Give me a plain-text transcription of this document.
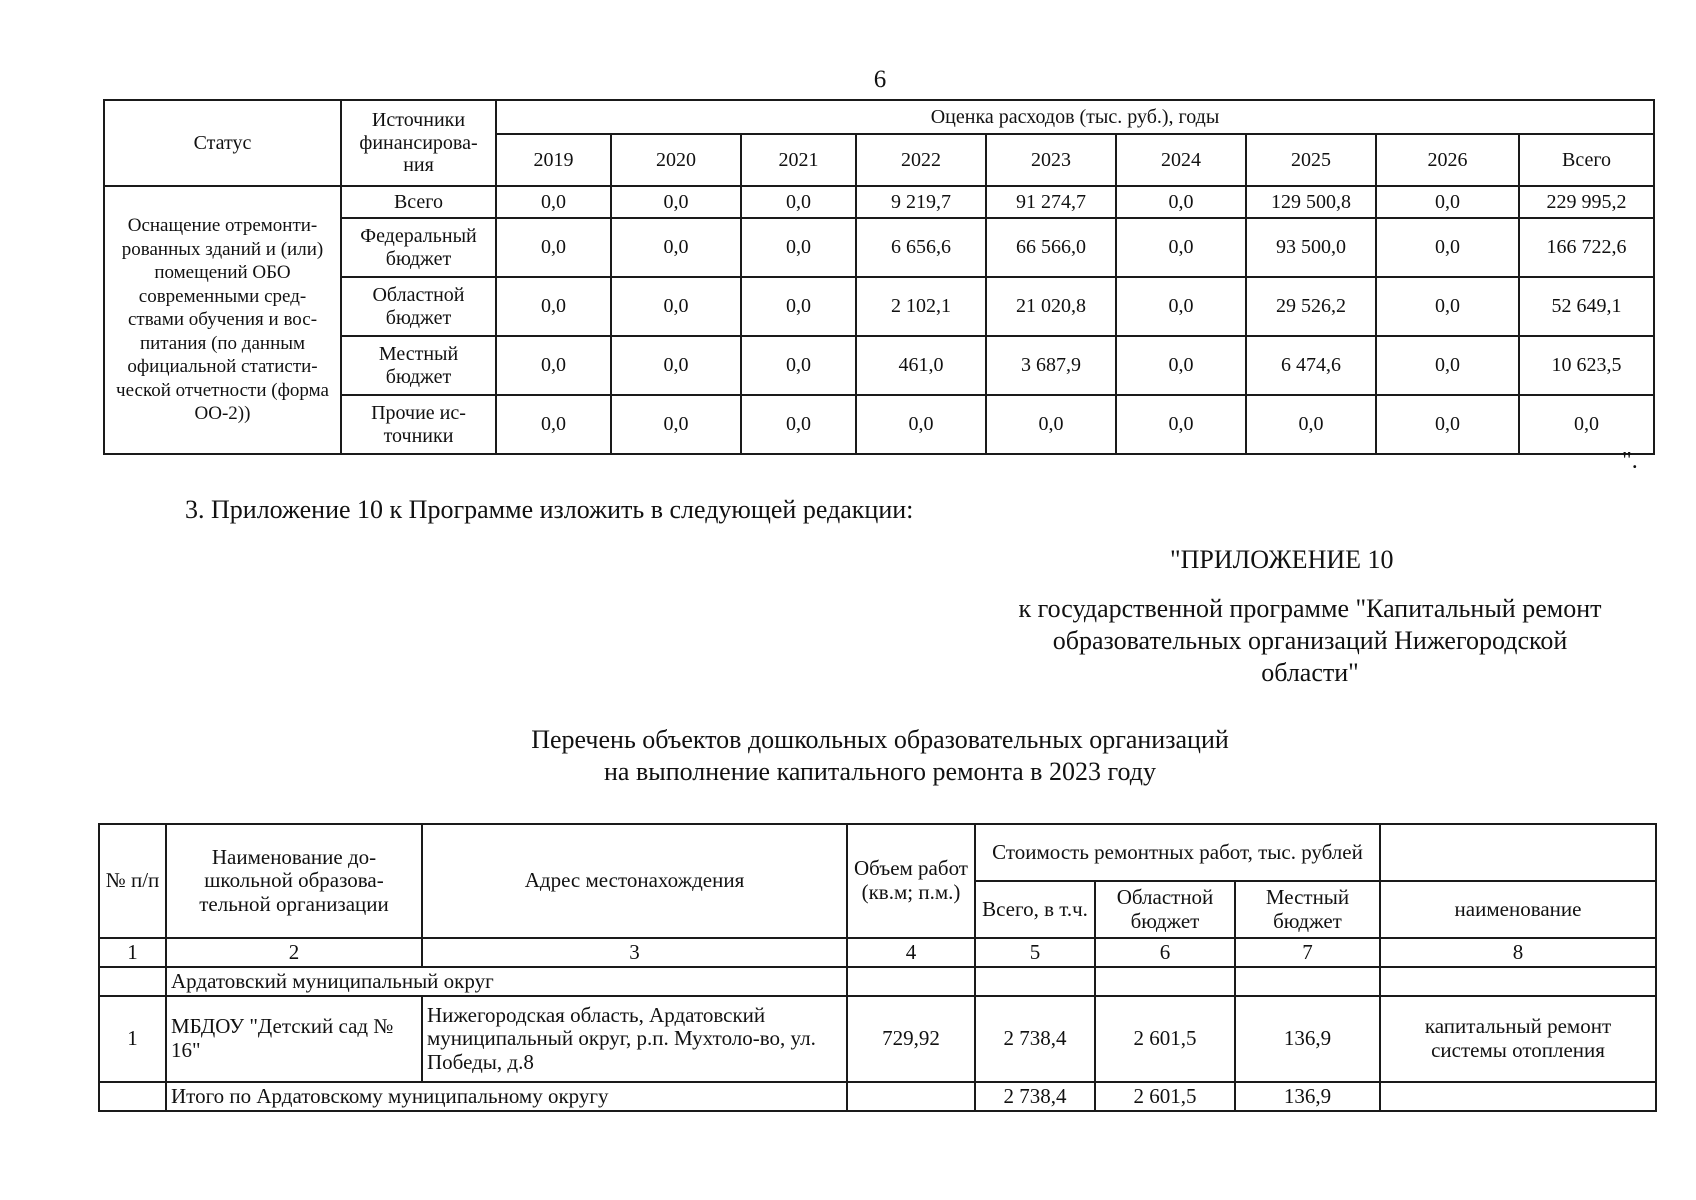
6
Статус	Источники финансирова-ния	Оценка расходов (тыс. руб.), годы								
		2019	2020	2021	2022	2023	2024	2025	2026	Всего
Оснащение отремонти-рованных зданий и (или) помещений ОБО современными сред-ствами обучения и вос-питания (по данным официальной статисти-ческой отчетности (форма ОО-2))	Всего	0,0	0,0	0,0	9 219,7	91 274,7	0,0	129 500,8	0,0	229 995,2
	Федеральный бюджет	0,0	0,0	0,0	6 656,6	66 566,0	0,0	93 500,0	0,0	166 722,6
	Областной бюджет	0,0	0,0	0,0	2 102,1	21 020,8	0,0	29 526,2	0,0	52 649,1
	Местный бюджет	0,0	0,0	0,0	461,0	3 687,9	0,0	6 474,6	0,0	10 623,5
	Прочие ис-точники	0,0	0,0	0,0	0,0	0,0	0,0	0,0	0,0	0,0
".
3. Приложение 10 к Программе изложить в следующей редакции:
"ПРИЛОЖЕНИЕ 10
к государственной программе "Капитальный ремонт образовательных организаций Нижегородской области"
Перечень объектов дошкольных образовательных организаций
на выполнение капитального ремонта в 2023 году
№ п/п	Наименование до-школьной образова-тельной организации	Адрес местонахождения	Объем работ (кв.м; п.м.)	Стоимость ремонтных работ, тыс. рублей			
				Всего, в т.ч.	Областной бюджет	Местный бюджет	наименование
1	2	3	4	5	6	7	8
	Ардатовский муниципальный округ						
1	МБДОУ "Детский сад № 16"	Нижегородская область, Ардатовский муниципальный округ, р.п. Мухтоло-во, ул. Победы, д.8	729,92	2 738,4	2 601,5	136,9	капитальный ремонт системы отопления
	Итого по Ардатовскому муниципальному округу			2 738,4	2 601,5	136,9	
